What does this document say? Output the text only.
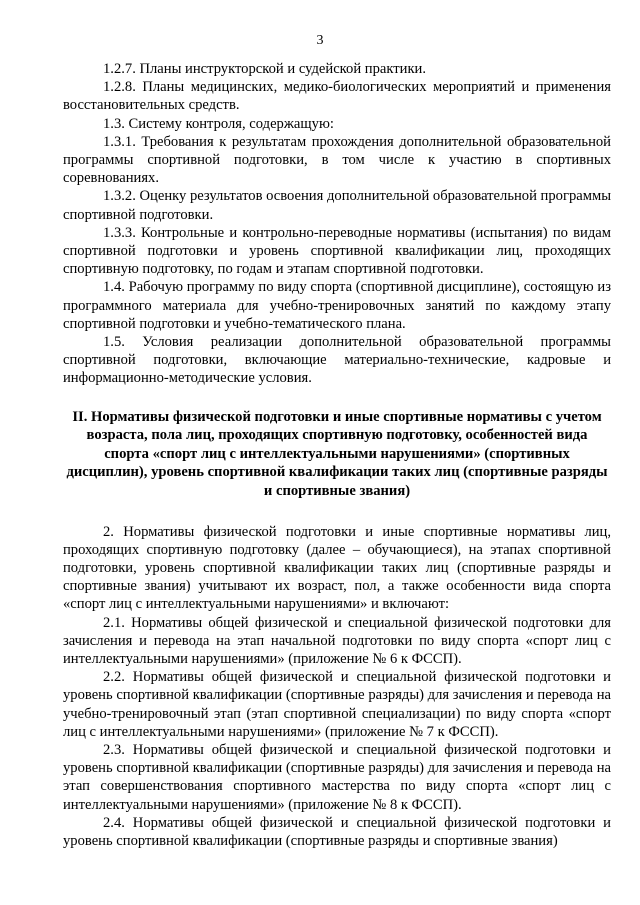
3

1.2.7. Планы инструкторской и судейской практики.

1.2.8. Планы медицинских, медико-биологических мероприятий и применения восстановительных средств.

1.3. Систему контроля, содержащую:

1.3.1. Требования к результатам прохождения дополнительной образовательной программы спортивной подготовки, в том числе к участию в спортивных соревнованиях.

1.3.2. Оценку результатов освоения дополнительной образовательной программы спортивной подготовки.

1.3.3. Контрольные и контрольно-переводные нормативы (испытания) по видам спортивной подготовки и уровень спортивной квалификации лиц, проходящих спортивную подготовку, по годам и этапам спортивной подготовки.

1.4. Рабочую программу по виду спорта (спортивной дисциплине), состоящую из программного материала для учебно-тренировочных занятий по каждому этапу спортивной подготовки и учебно-тематического плана.

1.5. Условия реализации дополнительной образовательной программы спортивной подготовки, включающие материально-технические, кадровые и информационно-методические условия.

II. Нормативы физической подготовки и иные спортивные нормативы с учетом возраста, пола лиц, проходящих спортивную подготовку, особенностей вида спорта «спорт лиц с интеллектуальными нарушениями» (спортивных дисциплин), уровень спортивной квалификации таких лиц (спортивные разряды и спортивные звания)

2. Нормативы физической подготовки и иные спортивные нормативы лиц, проходящих спортивную подготовку (далее – обучающиеся), на этапах спортивной подготовки, уровень спортивной квалификации таких лиц (спортивные разряды и спортивные звания) учитывают их возраст, пол, а также особенности вида спорта «спорт лиц с интеллектуальными нарушениями» и включают:

2.1. Нормативы общей физической и специальной физической подготовки для зачисления и перевода на этап начальной подготовки по виду спорта «спорт лиц с интеллектуальными нарушениями» (приложение № 6 к ФССП).

2.2. Нормативы общей физической и специальной физической подготовки и уровень спортивной квалификации (спортивные разряды) для зачисления и перевода на учебно-тренировочный этап (этап спортивной специализации) по виду спорта «спорт лиц с интеллектуальными нарушениями» (приложение № 7 к ФССП).

2.3. Нормативы общей физической и специальной физической подготовки и уровень спортивной квалификации (спортивные разряды) для зачисления и перевода на этап совершенствования спортивного мастерства по виду спорта «спорт лиц с интеллектуальными нарушениями» (приложение № 8 к ФССП).

2.4. Нормативы общей физической и специальной физической подготовки и уровень спортивной квалификации (спортивные разряды и спортивные звания)
